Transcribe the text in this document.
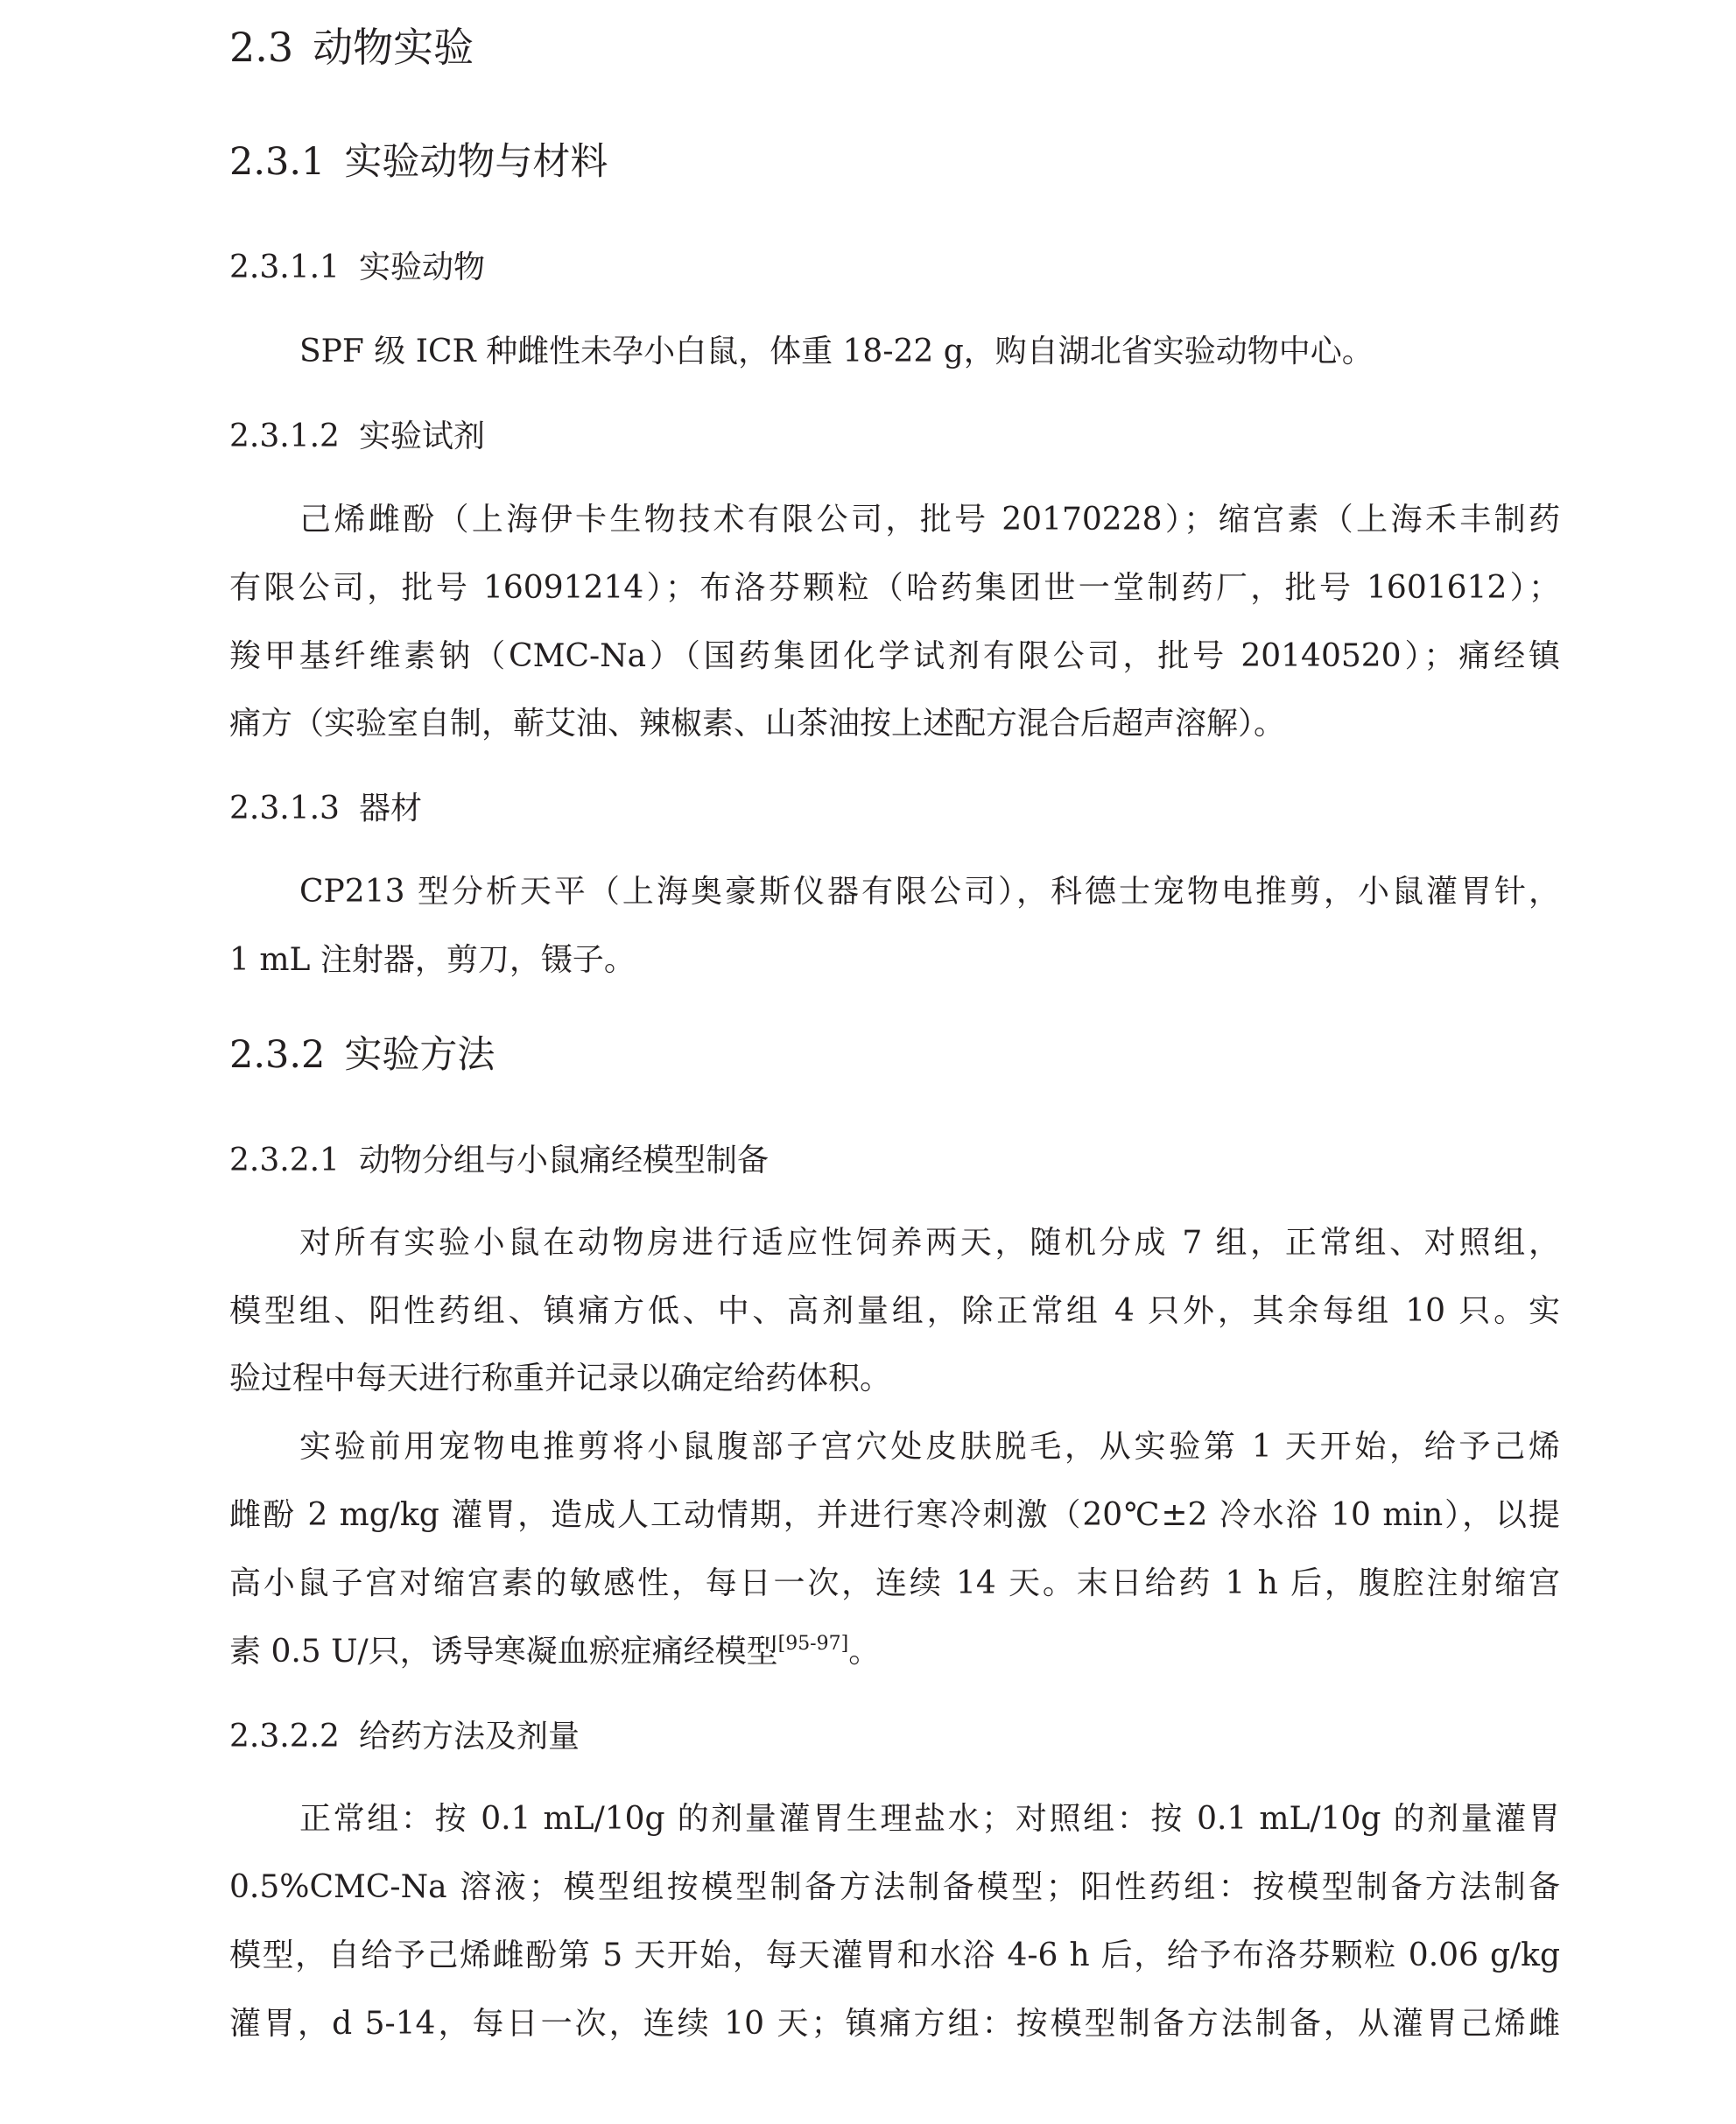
2.3 动物实验
2.3.1 实验动物与材料
2.3.1.1 实验动物
SPF 级 ICR 种雌性未孕小白鼠，体重 18-22 g，购自湖北省实验动物中心。
2.3.1.2 实验试剂
己烯雌酚（上海伊卡生物技术有限公司，批号 20170228）；缩宫素（上海禾丰制药
有限公司，批号 16091214）；布洛芬颗粒（哈药集团世一堂制药厂，批号 1601612）；
羧甲基纤维素钠（CMC-Na）（国药集团化学试剂有限公司，批号 20140520）；痛经镇
痛方（实验室自制，蕲艾油、辣椒素、山茶油按上述配方混合后超声溶解）。
2.3.1.3 器材
CP213 型分析天平（上海奥豪斯仪器有限公司），科德士宠物电推剪，小鼠灌胃针，
1 mL 注射器，剪刀，镊子。
2.3.2 实验方法
2.3.2.1 动物分组与小鼠痛经模型制备
对所有实验小鼠在动物房进行适应性饲养两天，随机分成 7 组，正常组、对照组，
模型组、阳性药组、镇痛方低、中、高剂量组，除正常组 4 只外，其余每组 10 只。实
验过程中每天进行称重并记录以确定给药体积。
实验前用宠物电推剪将小鼠腹部子宫穴处皮肤脱毛，从实验第 1 天开始，给予己烯
雌酚 2 mg/kg 灌胃，造成人工动情期，并进行寒冷刺激（20℃±2 冷水浴 10 min），以提
高小鼠子宫对缩宫素的敏感性，每日一次，连续 14 天。末日给药 1 h 后，腹腔注射缩宫
素 0.5 U/只，诱导寒凝血瘀症痛经模型[95-97]。
2.3.2.2 给药方法及剂量
正常组：按 0.1 mL/10g 的剂量灌胃生理盐水；对照组：按 0.1 mL/10g 的剂量灌胃
0.5%CMC-Na 溶液；模型组按模型制备方法制备模型；阳性药组：按模型制备方法制备
模型，自给予己烯雌酚第 5 天开始，每天灌胃和水浴 4-6 h 后，给予布洛芬颗粒 0.06 g/kg
灌胃，d 5-14，每日一次，连续 10 天；镇痛方组：按模型制备方法制备，从灌胃己烯雌
